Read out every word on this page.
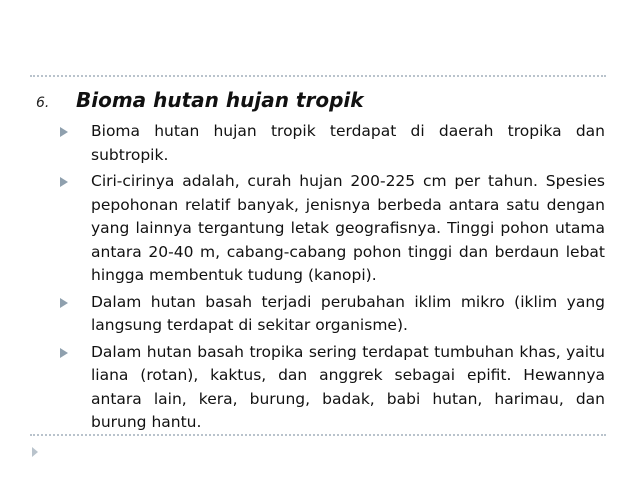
6.	Bioma hutan hujan tropik
Bioma hutan hujan tropik terdapat di daerah tropika dan subtropik.
Ciri-cirinya adalah, curah hujan 200-225 cm per tahun. Spesies pepohonan relatif banyak, jenisnya berbeda antara satu dengan yang lainnya tergantung letak geografisnya. Tinggi pohon utama antara 20-40 m, cabang-cabang pohon tinggi dan berdaun lebat hingga membentuk tudung (kanopi).
Dalam hutan basah terjadi perubahan iklim mikro (iklim yang langsung terdapat di sekitar organisme).
Dalam hutan basah tropika sering terdapat tumbuhan khas, yaitu liana (rotan), kaktus, dan anggrek sebagai epifit. Hewannya antara lain, kera, burung, badak, babi hutan, harimau, dan burung hantu.
